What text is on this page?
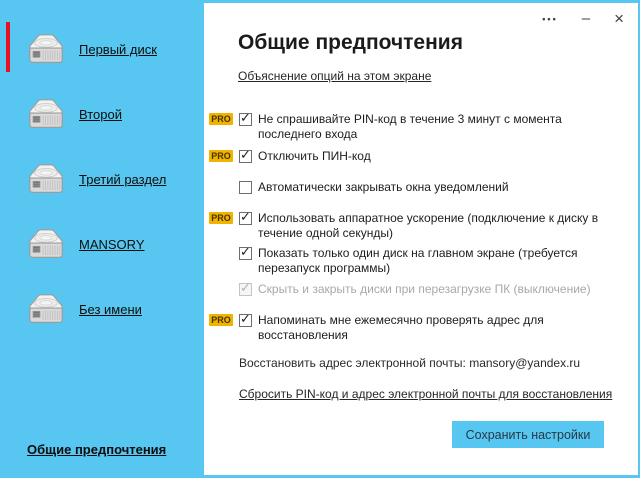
Первый диск
Второй
Третий раздел
MANSORY
Без имени
Общие предпочтения
••• – ×
Общие предпочтения
Объяснение опций на этом экране
PRO ✓ Не спрашивайте PIN-код в течение 3 минут с момента последнего входа
PRO ✓ Отключить ПИН-код
Автоматически закрывать окна уведомлений
PRO ✓ Использовать аппаратное ускорение (подключение к диску в течение одной секунды)
✓
Показать только один диск на главном экране (требуется перезапуск программы)
✓
Скрыть и закрыть диски при перезагрузке ПК (выключение)
PRO ✓ Напоминать мне ежемесячно проверять адрес для восстановления

Восстановить адрес электронной почты: mansory@yandex.ru

Сбросить PIN-код и адрес электронной почты для восстановления
Сохранить настройки
